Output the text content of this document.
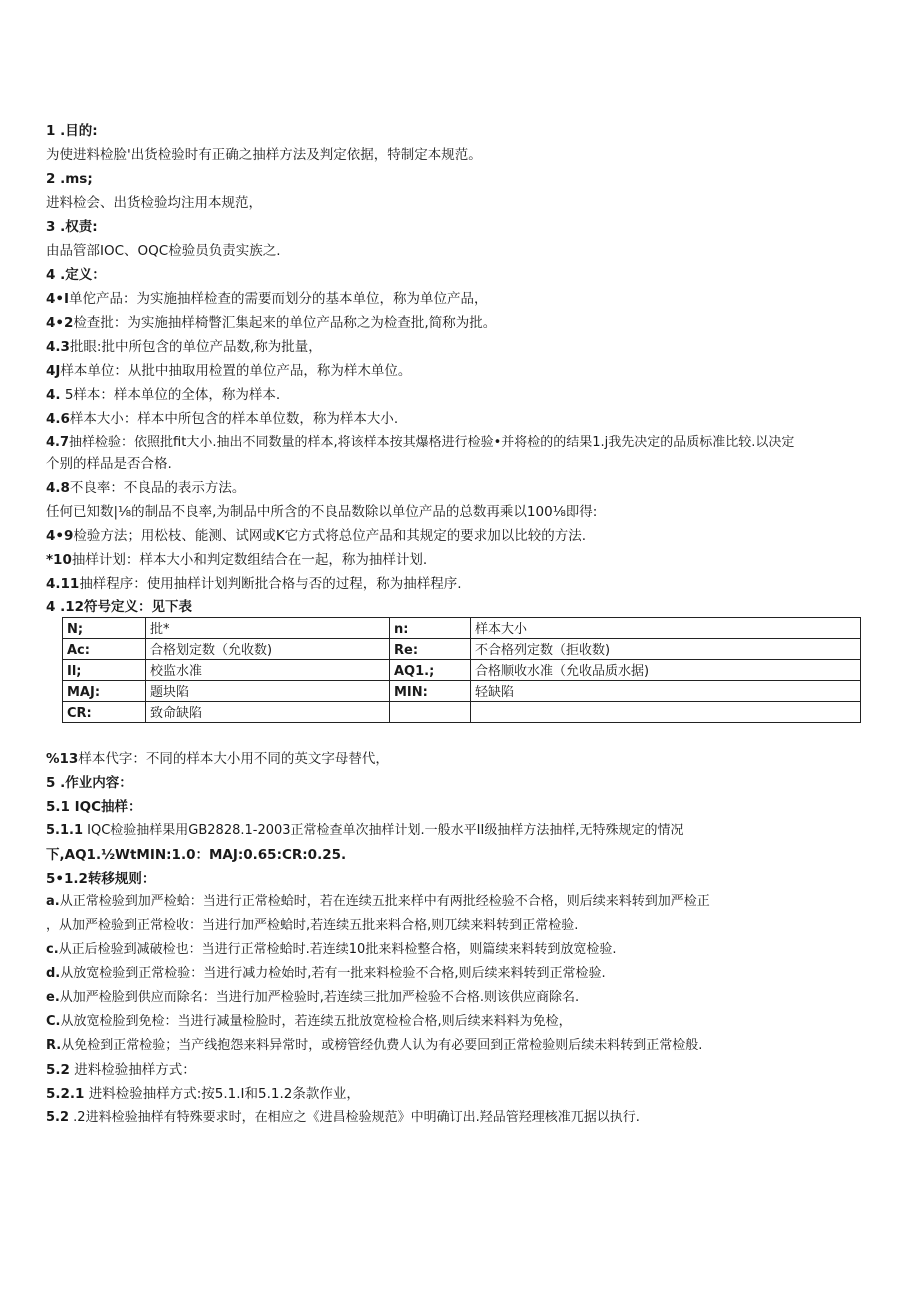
1 .目的:
为使进料检脸'出货检验时有正确之抽样方法及判定依据，特制定本规范。
2 .ms;
进料检会、出货检验均注用本规范，
3 .权责:
由品管部IOC、OQC检验员负责实族之.
4 .定义：
4•I单佗产品：为实施抽样检查的需要而划分的基本单位，称为单位产品，
4•2检查批：为实施抽样椅瞥汇集起来的单位产品称之为检查批,简称为批。
4.3批眼:批中所包含的单位产品数,称为批量，
4J样本单位：从批中抽取用检置的单位产品，称为样木单位。
4. 5样本：样本单位的全体，称为样本.
4.6样本大小：样本中所包含的样本单位数，称为样本大小.
4.7抽样检验：依照批fit大小.抽出不同数量的样本,将该样本按其爆格进行检验•并将检的的结果1.j我先决定的品质标准比较.以决定
个别的样品是否合格.
4.8不良率：不良品的表示方法。
任何已知数|⅛的制品不良率,为制品中所含的不良品数除以单位产品的总数再乘以100⅛即得:
4•9检验方法；用松枝、能测、试网或K它方式将总位产品和其规定的要求加以比较的方法.
*10抽样计划：样本大小和判定数组结合在一起，称为抽样计划.
4.11抽样程序：使用抽样计划判断批合格与否的过程，称为抽样程序.
4 .12符号定义：见下表
N;	批*	n:	样本大小
Ac:	合格划定数（允收数)	Re:	不合格列定数（拒收数)
Il;	校监水准	AQ1.;	合格顺收水准（允收品质水据)
MAJ:	题块陷	MIN:	轻缺陷
CR:	致命缺陷		
%13样本代字：不同的样本大小用不同的英文字母替代，
5 .作业内容：
5.1 IQC抽样：
5.1.1 IQC检验抽样果用GB2828.1-2003正常检查单次抽样计划.一般水平II级抽样方法抽样,无特殊规定的情况
下,AQ1.½WtMIN:1.0：MAJ:0.65:CR:0.25.
5•1.2转移规则：
a.从正常检验到加严检蛤：当进行正常检蛤时，若在连续五批来样中有两批经检验不合格，则后续来料转到加严检正
，从加严检验到正常检收：当进行加严检蛤时,若连续五批来料合格,则兀续来料转到正常检验.
c.从正后检验到减破检也：当进行正常检蛤时.若连续10批来料检整合格，则篇续来料转到放宽检验.
d.从放宽检验到正常检验：当进行减力检始时,若有一批来料检验不合格,则后续来料转到正常检验.
e.从加严检脸到供应而除名：当进行加严检验时,若连续三批加严检验不合格.则该供应商除名.
C.从放宽检脸到免检：当进行减量检脸时，若连续五批放宽检检合格,则后续来料料为免检，
R.从免检到正常检验；当产线抱怨来料异常时，或榜管经仇费人认为有必要回到正常检验则后续未料转到正常检般.
5.2 进料检验抽样方式：
5.2.1 进料检验抽样方式:按5.1.I和5.1.2条款作业，
5.2 .2进料检验抽样有特殊要求时，在相应之《进昌检验规范》中明确订出.羟品管羟理核准兀据以执行.
